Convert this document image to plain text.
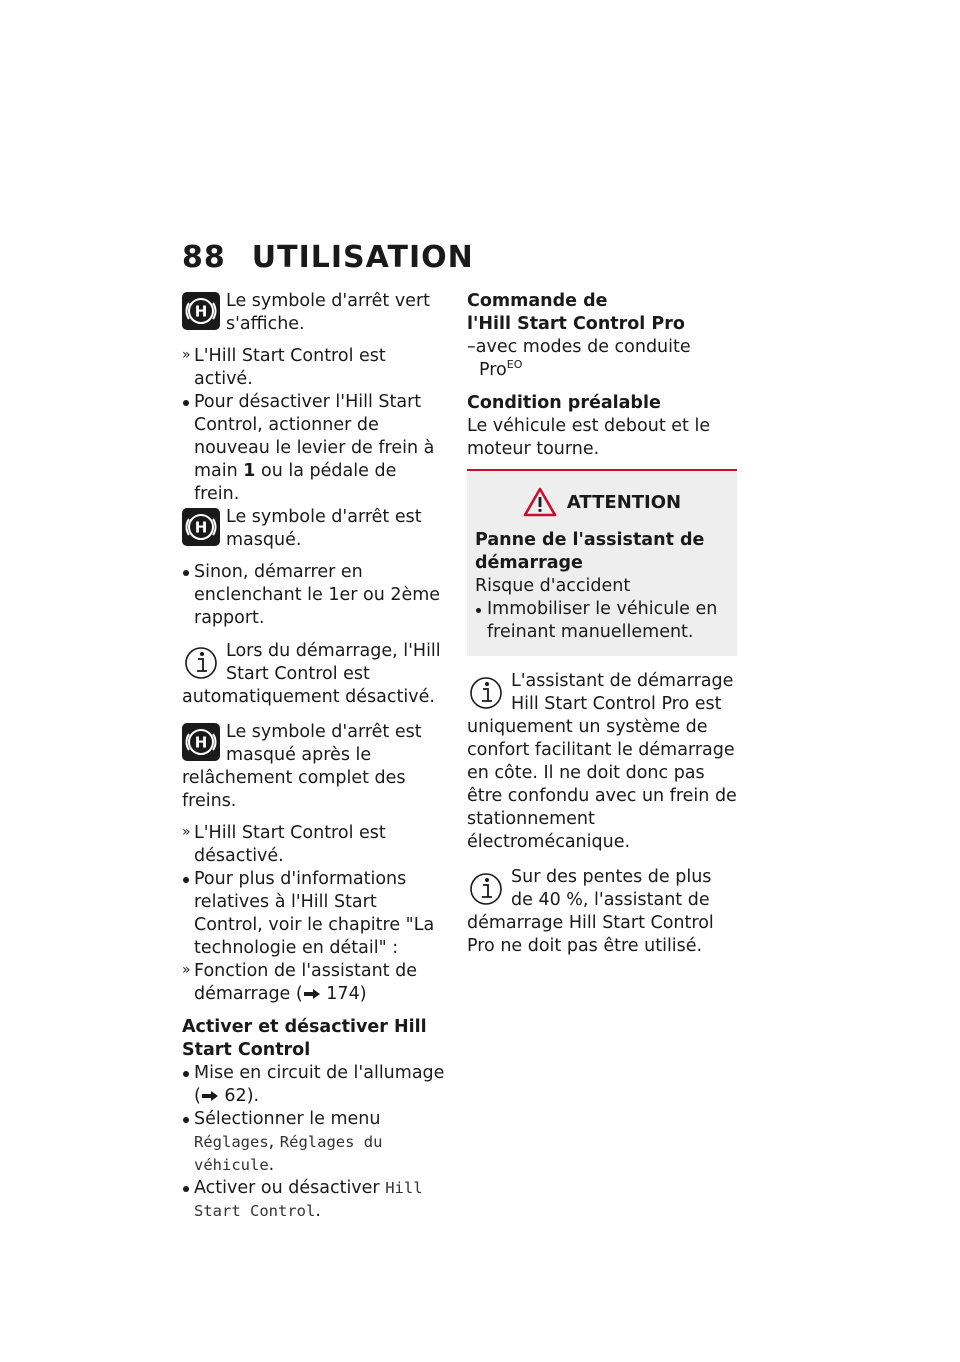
88 UTILISATION
H

Le symbole d'arrêt vert s'affiche.

» L'Hill Start Control est activé.

Pour désactiver l'Hill Start Control, actionner de nouveau le levier de frein à main 1 ou la pédale de frein.

H

Le symbole d'arrêt est masqué.

Sinon, démarrer en enclenchant le 1er ou 2ème rapport.

Lors du démarrage, l'Hill Start Control est automatiquement désactivé.

H

Le symbole d'arrêt est masqué après le relâchement complet des freins.

» L'Hill Start Control est désactivé.

Pour plus d'informations relatives à l'Hill Start Control, voir le chapitre "La technologie en détail" :

» Fonction de l'assistant de démarrage ( 174)

Activer et désactiver Hill Start Control

Mise en circuit de l'allumage ( 62).

Sélectionner le menu Réglages, Réglages du véhicule.

Activer ou désactiver Hill Start Control.

Commande de

l'Hill Start Control Pro

–avec modes de conduite

Pro$^{EO}$

Condition préalable

Le véhicule est debout et le moteur tourne.

ATTENTION

Panne de l'assistant de démarrage

Risque d'accident

Immobiliser le véhicule en freinant manuellement.

L'assistant de démarrage Hill Start Control Pro est uniquement un système de confort facilitant le démarrage en côte. Il ne doit donc pas être confondu avec un frein de stationnement électromécanique.

Sur des pentes de plus de 40 %, l'assistant de démarrage Hill Start Control Pro ne doit pas être utilisé.
